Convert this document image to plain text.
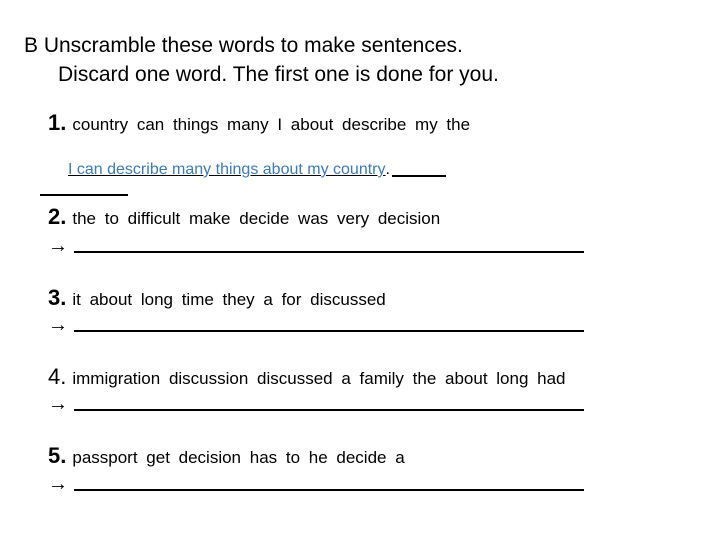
B Unscramble these words to make sentences.
Discard one word. The first one is done for you.
1. country can things many I about describe my the
I can describe many things about my country .
2. the to difficult make decide was very decision
→
3. it about long time they a for discussed
→
4. immigration discussion discussed a family the about long had
→
5. passport get decision has to he decide a
→
